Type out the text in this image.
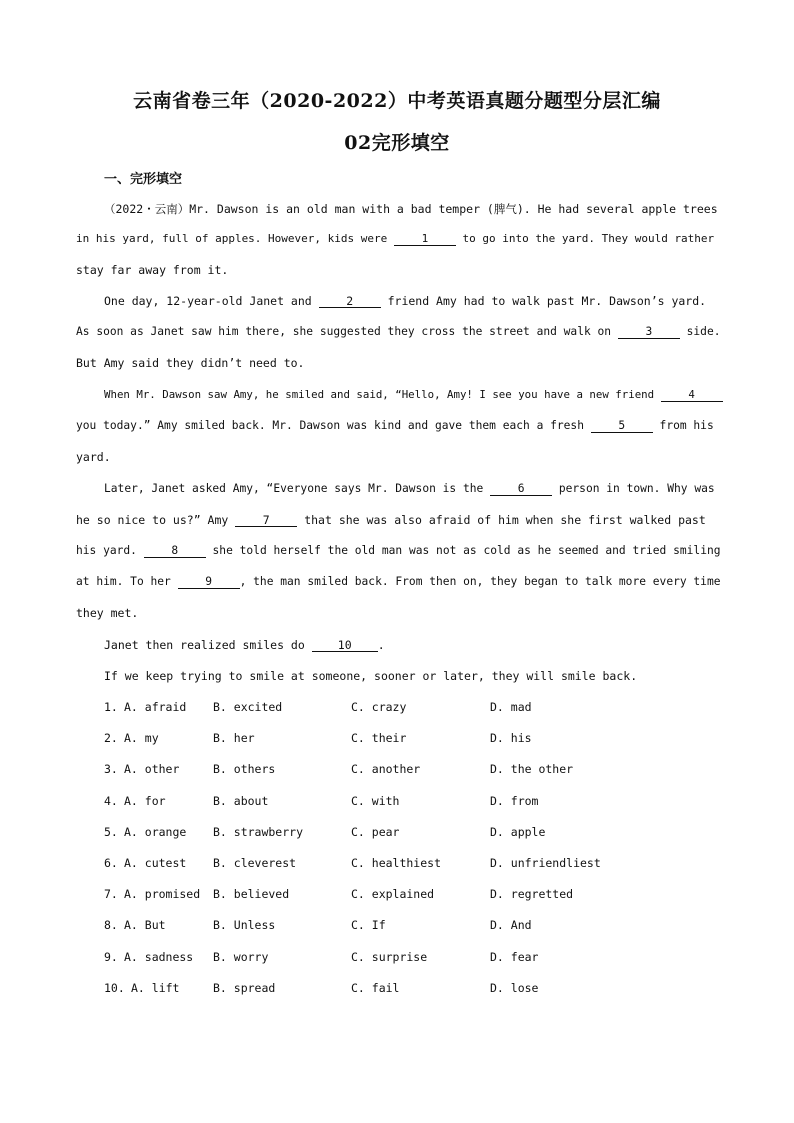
云南省卷三年（2020-2022）中考英语真题分题型分层汇编
02完形填空
一、完形填空
（2022・云南）Mr. Dawson is an old man with a bad temper (脾气). He had several apple trees
in his yard, full of apples. However, kids were	1	to go into the yard. They would rather
stay far away from it.
One day, 12-year-old Janet and	2	friend Amy had to walk past Mr. Dawson’s yard.
As soon as Janet saw him there, she suggested they cross the street and walk on	3	side.
But Amy said they didn’t need to.
When Mr. Dawson saw Amy, he smiled and said, “Hello, Amy! I see you have a new friend	4
you today.” Amy smiled back. Mr. Dawson was kind and gave them each a fresh	5	from his
yard.
Later, Janet asked Amy, “Everyone says Mr. Dawson is the	6	person in town. Why was
he so nice to us?” Amy	7	that she was also afraid of him when she first walked past
his yard.	8	she told herself the old man was not as cold as he seemed and tried smiling
at him. To her	9 , the man smiled back. From then on, they began to talk more every time
they met.
Janet then realized smiles do	10 .
If we keep trying to smile at someone, sooner or later, they will smile back.
1. A. afraid B. excited	C. crazy	D. mad
2. A. my	B. her	C. their	D. his
3. A. other	B. others	C. another	D. the other
4. A. for	B. about	C. with	D. from
5. A. orange B. strawberry	C. pear	D. apple
6. A. cutest B. cleverest	C. healthiest	D. unfriendliest
7. A. promised B. believed	C. explained	D. regretted
8. A. But	B. Unless	C. If	D. And
9. A. sadness B. worry	C. surprise	D. fear
10. A. lift	B. spread	C. fail	D. lose
